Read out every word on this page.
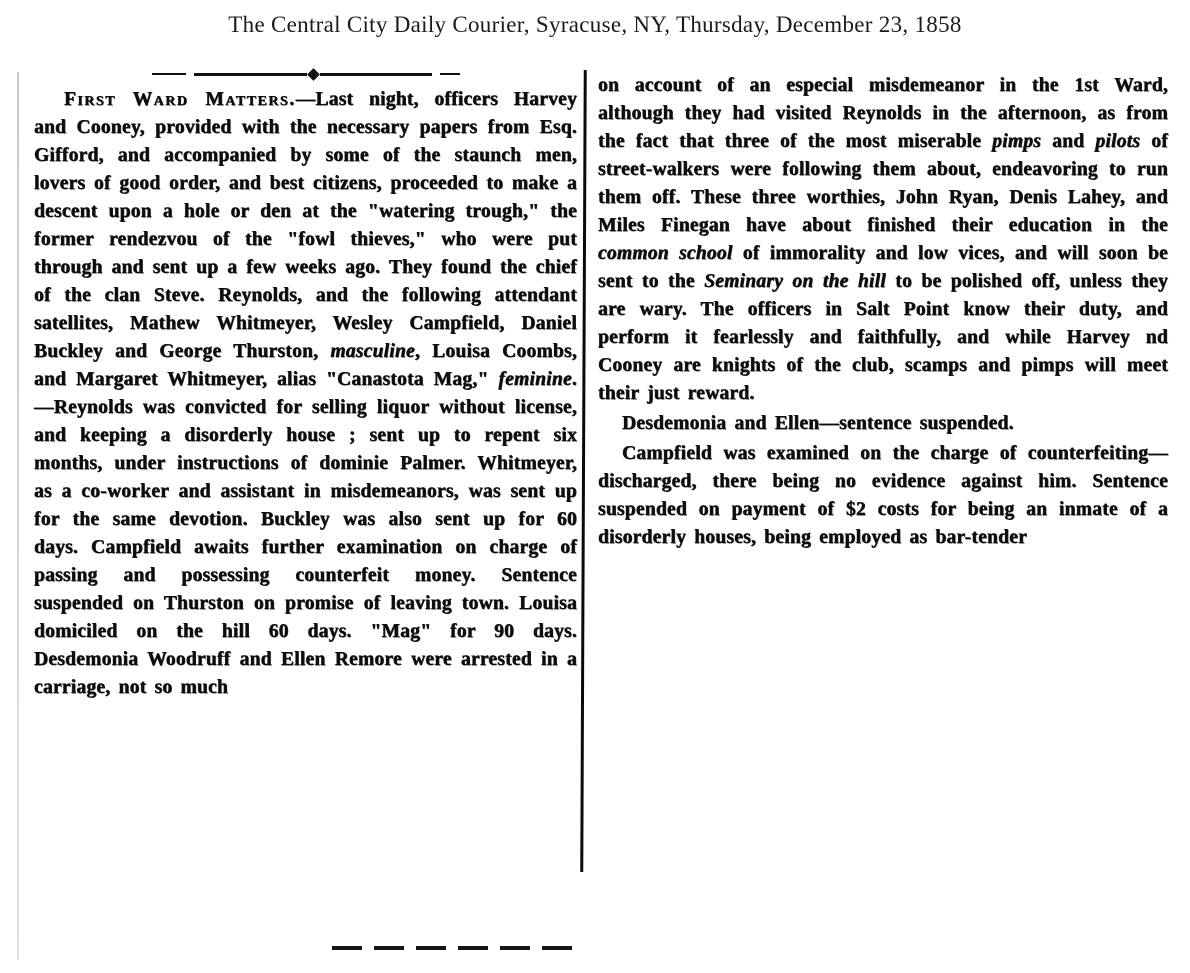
The Central City Daily Courier, Syracuse, NY, Thursday, December 23, 1858

First Ward Matters.—Last night, officers Harvey and Cooney, provided with the necessary papers from Esq. Gifford, and accompanied by some of the staunch men, lovers of good order, and best citizens, proceeded to make a descent upon a hole or den at the "watering trough," the former rendezvou of the "fowl thieves," who were put through and sent up a few weeks ago. They found the chief of the clan Steve. Reynolds, and the following attendant satellites, Mathew Whitmeyer, Wesley Campfield, Daniel Buckley and George Thurston, masculine, Louisa Coombs, and Margaret Whitmeyer, alias "Canastota Mag," feminine.—Reynolds was convicted for selling liquor without license, and keeping a disorderly house ; sent up to repent six months, under instructions of dominie Palmer. Whitmeyer, as a co-worker and assistant in misdemeanors, was sent up for the same devotion. Buckley was also sent up for 60 days. Campfield awaits further examination on charge of passing and possessing counterfeit money. Sentence suspended on Thurston on promise of leaving town. Louisa domiciled on the hill 60 days. "Mag" for 90 days. Desdemonia Woodruff and Ellen Remore were arrested in a carriage, not so much

on account of an especial misdemeanor in the 1st Ward, although they had visited Reynolds in the afternoon, as from the fact that three of the most miserable pimps and pilots of street-walkers were following them about, endeavoring to run them off. These three worthies, John Ryan, Denis Lahey, and Miles Finegan have about finished their education in the common school of immorality and low vices, and will soon be sent to the Seminary on the hill to be polished off, unless they are wary. The officers in Salt Point know their duty, and perform it fearlessly and faithfully, and while Harvey nd Cooney are knights of the club, scamps and pimps will meet their just reward.

Desdemonia and Ellen—sentence suspended.

Campfield was examined on the charge of counterfeiting—discharged, there being no evidence against him. Sentence suspended on payment of $2 costs for being an inmate of a disorderly houses, being employed as bar-tender
